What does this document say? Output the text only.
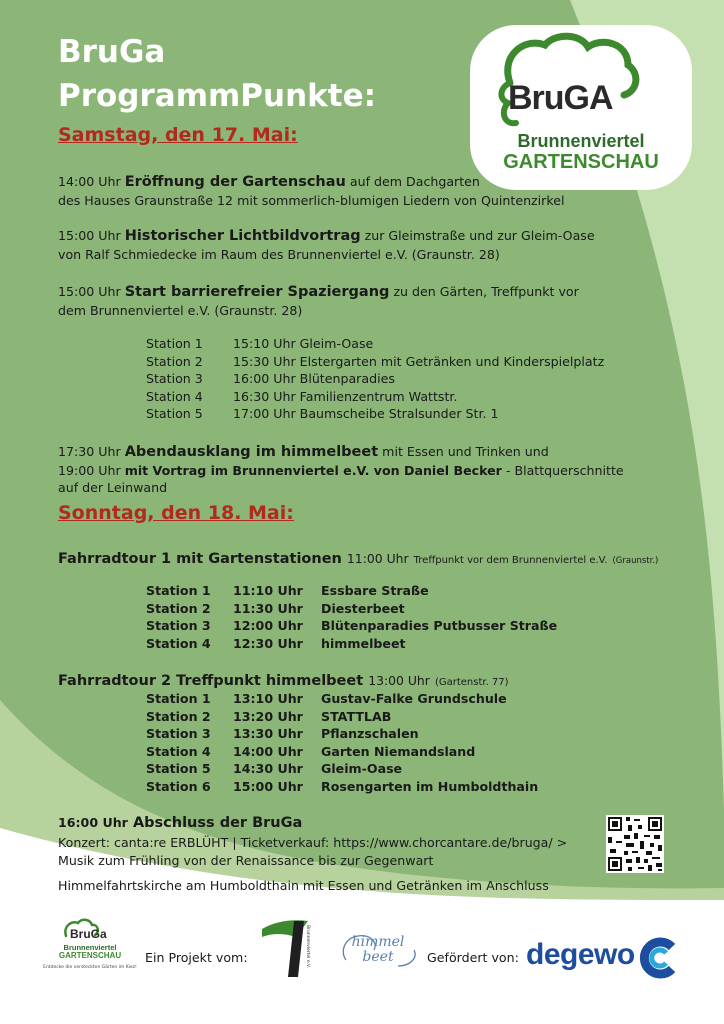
BruGa
ProgrammPunkte:	BruGA
Brunnenviertel
GARTENSCHAU
Samstag, den 17. Mai:
14:00 Uhr Eröffnung der Gartenschau auf dem Dachgarten
des Hauses Graunstraße 12 mit sommerlich-blumigen Liedern von Quintenzirkel
15:00 Uhr Historischer Lichtbildvortrag zur Gleimstraße und zur Gleim-Oase
von Ralf Schmiedecke im Raum des Brunnenviertel e.V. (Graunstr. 28)
15:00 Uhr Start barrierefreier Spaziergang zu den Gärten, Treffpunkt vor
dem Brunnenviertel e.V. (Graunstr. 28)
Station 1	15:10 Uhr Gleim-Oase
Station 2	15:30 Uhr Elstergarten mit Getränken und Kinderspielplatz
Station 3	16:00 Uhr Blütenparadies
Station 4	16:30 Uhr Familienzentrum Wattstr.
Station 5	17:00 Uhr Baumscheibe Stralsunder Str. 1
17:30 Uhr Abendausklang im himmelbeet mit Essen und Trinken und
19:00 Uhr mit Vortrag im Brunnenviertel e.V. von Daniel Becker - Blattquerschnitte
auf der Leinwand
Sonntag, den 18. Mai:
Fahrradtour 1 mit Gartenstationen 11:00 Uhr Treffpunkt vor dem Brunnenviertel e.V. (Graunstr.)
Station 1	11:10 Uhr	Essbare Straße
Station 2	11:30 Uhr	Diesterbeet
Station 3	12:00 Uhr	Blütenparadies Putbusser Straße
Station 4	12:30 Uhr	himmelbeet
Fahrradtour 2 Treffpunkt himmelbeet 13:00 Uhr (Gartenstr. 77)
Station 1	13:10 Uhr	Gustav-Falke Grundschule
Station 2	13:20 Uhr	STATTLAB
Station 3	13:30 Uhr	Pflanzschalen
Station 4	14:00 Uhr	Garten Niemandsland
Station 5	14:30 Uhr	Gleim-Oase
Station 6	15:00 Uhr	Rosengarten im Humboldthain
16:00 Uhr Abschluss der BruGa
Konzert: canta:re ERBLÜHT | Ticketverkauf: https://www.chorcantare.de/bruga/ >
Musik zum Frühling von der Renaissance bis zur Gegenwart
Himmelfahrtskirche am Humboldthain mit Essen und Getränken im Anschluss
BruGa
Brunnenviertel
GARTENSCHAU
Entdecke die versteckten Gärten im Kiez!
Ein Projekt vom:	Brunnenviertel e.V.	himmel beet	Gefördert von: degewo
